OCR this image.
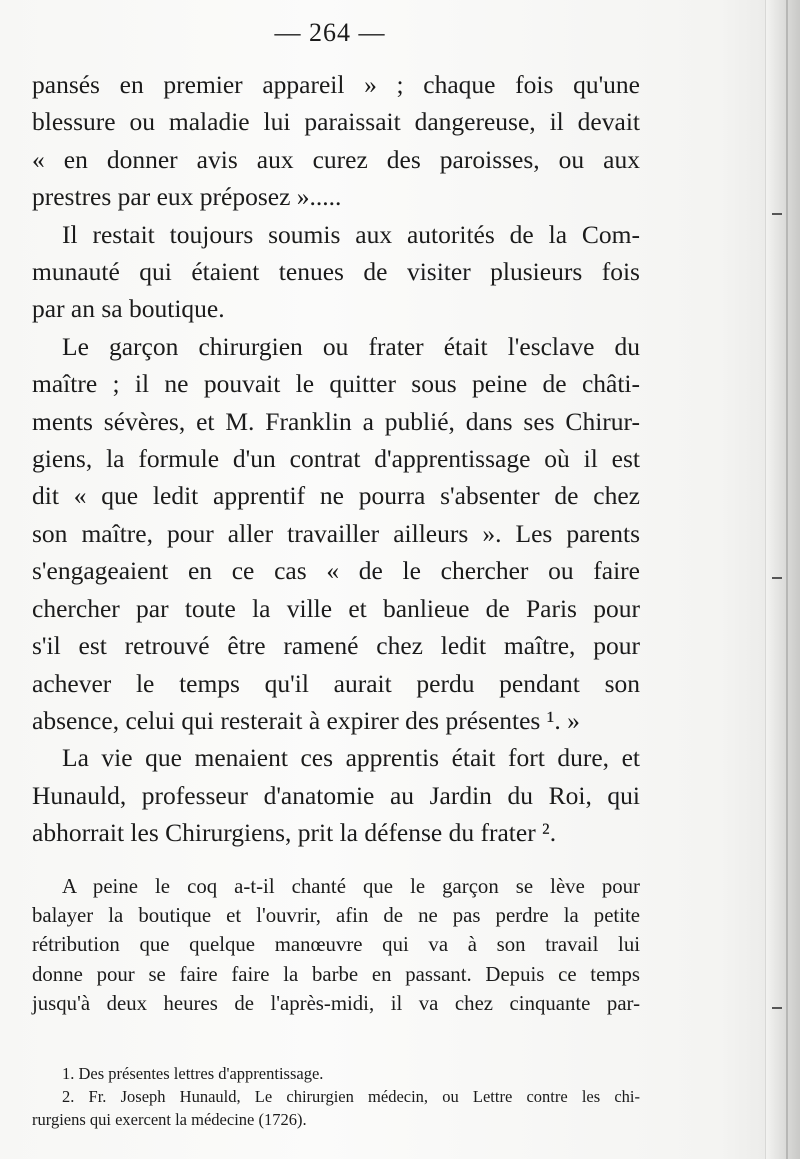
— 264 —
pansés en premier appareil » ; chaque fois qu'une
blessure ou maladie lui paraissait dangereuse, il devait
« en donner avis aux curez des paroisses, ou aux
prestres par eux préposez ».....
Il restait toujours soumis aux autorités de la Com-
munauté qui étaient tenues de visiter plusieurs fois
par an sa boutique.
Le garçon chirurgien ou frater était l'esclave du
maître ; il ne pouvait le quitter sous peine de châti-
ments sévères, et M. Franklin a publié, dans ses Chirur-
giens, la formule d'un contrat d'apprentissage où il est
dit « que ledit apprentif ne pourra s'absenter de chez
son maître, pour aller travailler ailleurs ». Les parents
s'engageaient en ce cas « de le chercher ou faire
chercher par toute la ville et banlieue de Paris pour
s'il est retrouvé être ramené chez ledit maître, pour
achever le temps qu'il aurait perdu pendant son
absence, celui qui resterait à expirer des présentes ¹. »
La vie que menaient ces apprentis était fort dure, et
Hunauld, professeur d'anatomie au Jardin du Roi, qui
abhorrait les Chirurgiens, prit la défense du frater ².
A peine le coq a-t-il chanté que le garçon se lève pour
balayer la boutique et l'ouvrir, afin de ne pas perdre la petite
rétribution que quelque manœuvre qui va à son travail lui
donne pour se faire faire la barbe en passant. Depuis ce temps
jusqu'à deux heures de l'après-midi, il va chez cinquante par-
1. Des présentes lettres d'apprentissage.
2. Fr. Joseph Hunauld, Le chirurgien médecin, ou Lettre contre les chi-
rurgiens qui exercent la médecine (1726).
